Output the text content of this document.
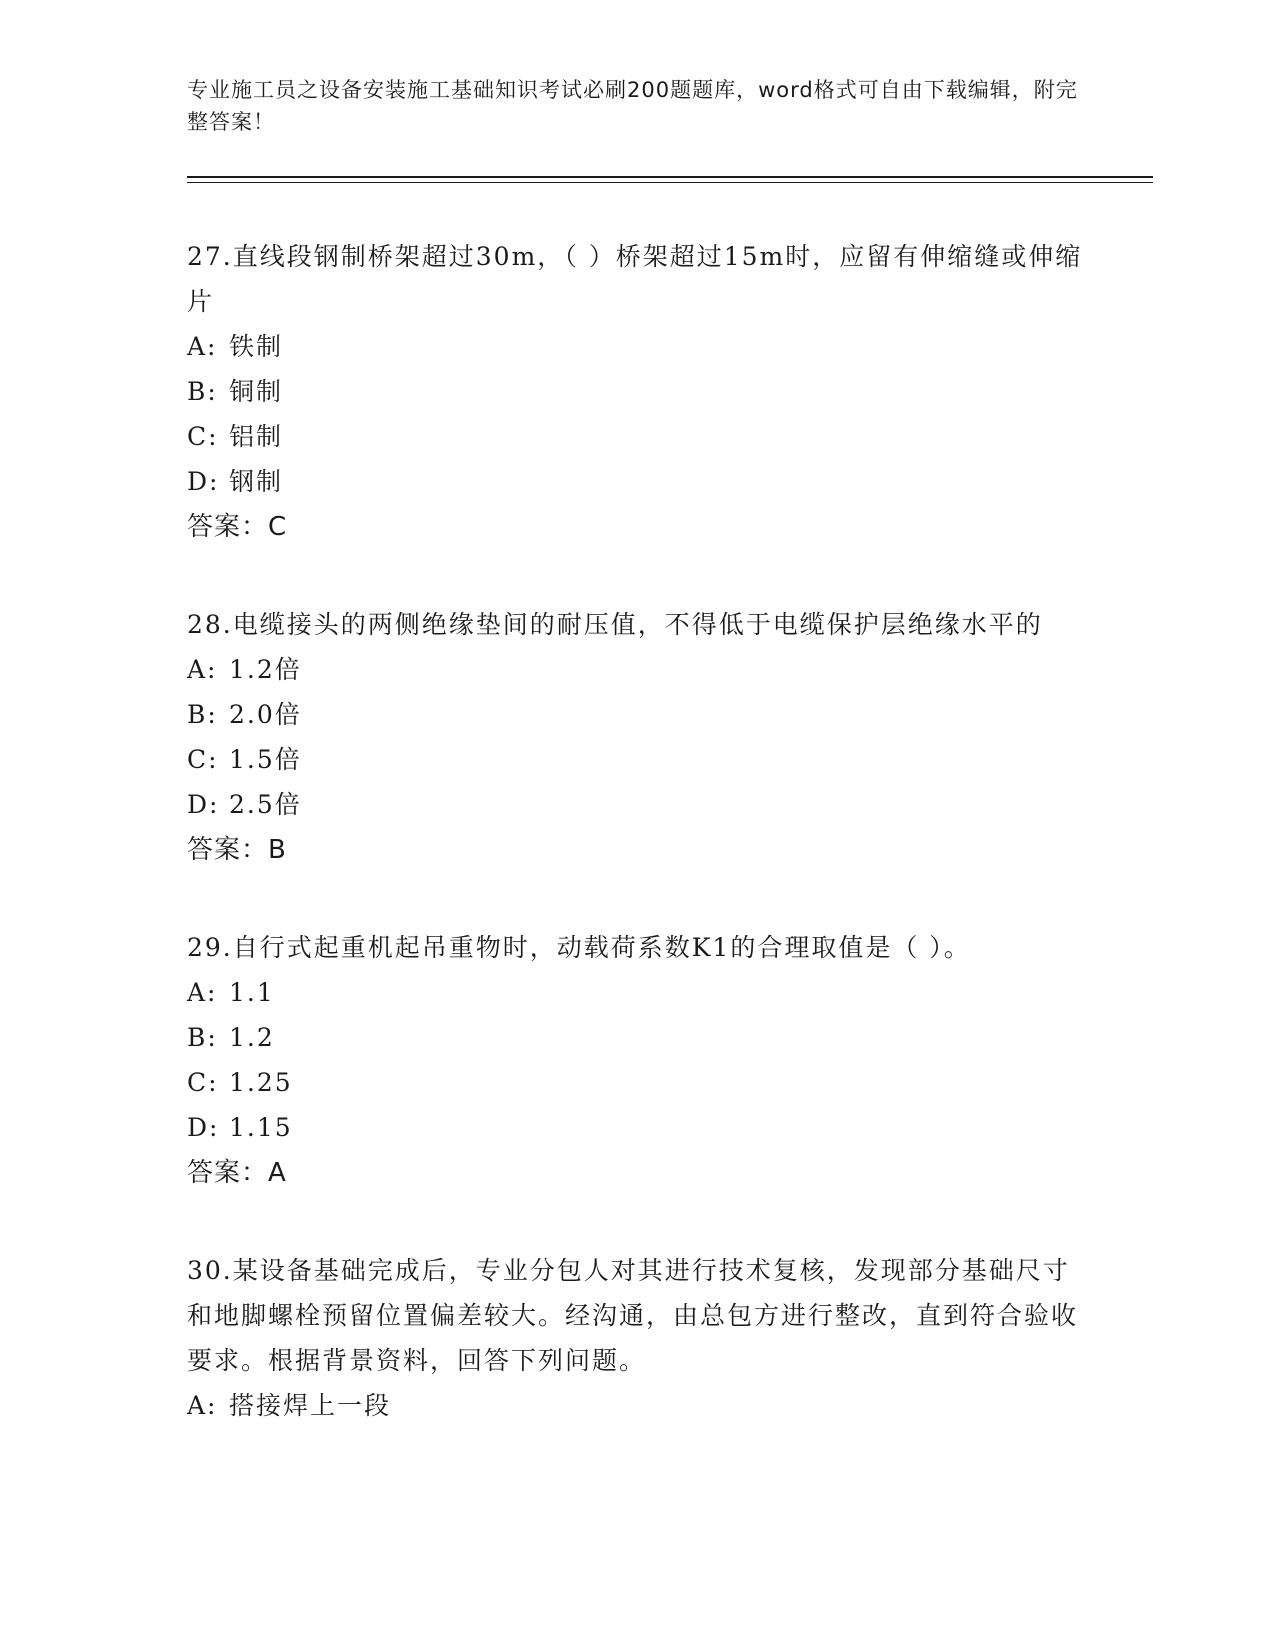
专业施工员之设备安装施工基础知识考试必刷200题题库，word格式可自由下载编辑，附完整答案！

27.直线段钢制桥架超过30m，（ ）桥架超过15m时，应留有伸缩缝或伸缩片

A: 铁制

B: 铜制

C: 铝制

D: 钢制

答案：C

28.电缆接头的两侧绝缘垫间的耐压值，不得低于电缆保护层绝缘水平的

A: 1.2倍

B: 2.0倍

C: 1.5倍

D: 2.5倍

答案：B

29.自行式起重机起吊重物时，动载荷系数K1的合理取值是（ ）。

A: 1.1

B: 1.2

C: 1.25

D: 1.15

答案：A

30.某设备基础完成后，专业分包人对其进行技术复核，发现部分基础尺寸和地脚螺栓预留位置偏差较大。经沟通，由总包方进行整改，直到符合验收要求。根据背景资料，回答下列问题。

A: 搭接焊上一段
